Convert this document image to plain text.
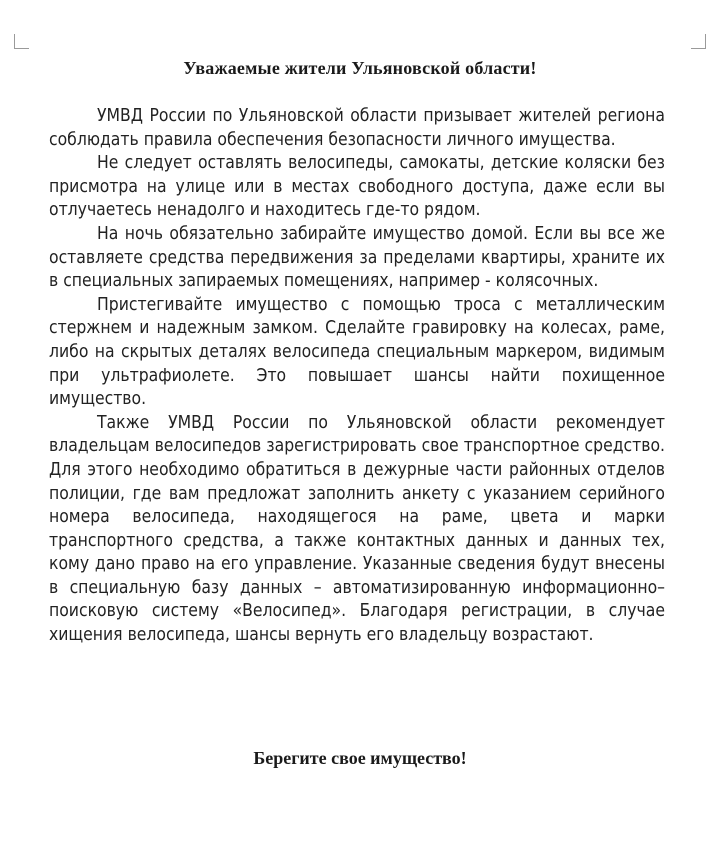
Уважаемые жители Ульяновской области!

УМВД России по Ульяновской области призывает жителей региона соблюдать правила обеспечения безопасности личного имущества.

Не следует оставлять велосипеды, самокаты, детские коляски без присмотра на улице или в местах свободного доступа, даже если вы отлучаетесь ненадолго и находитесь где-то рядом.

На ночь обязательно забирайте имущество домой. Если вы все же оставляете средства передвижения за пределами квартиры, храните их в специальных запираемых помещениях, например - колясочных.

Пристегивайте имущество с помощью троса с металлическим стержнем и надежным замком. Сделайте гравировку на колесах, раме, либо на скрытых деталях велосипеда специальным маркером, видимым при ультрафиолете. Это повышает шансы найти похищенное имущество.

Также УМВД России по Ульяновской области рекомендует владельцам велосипедов зарегистрировать свое транспортное средство. Для этого необходимо обратиться в дежурные части районных отделов полиции, где вам предложат заполнить анкету с указанием серийного номера велосипеда, находящегося на раме, цвета и марки транспортного средства, а также контактных данных и данных тех, кому дано право на его управление. Указанные сведения будут внесены в специальную базу данных – автоматизированную информационно–поисковую систему «Велосипед». Благодаря регистрации, в случае хищения велосипеда, шансы вернуть его владельцу возрастают.

Берегите свое имущество!
